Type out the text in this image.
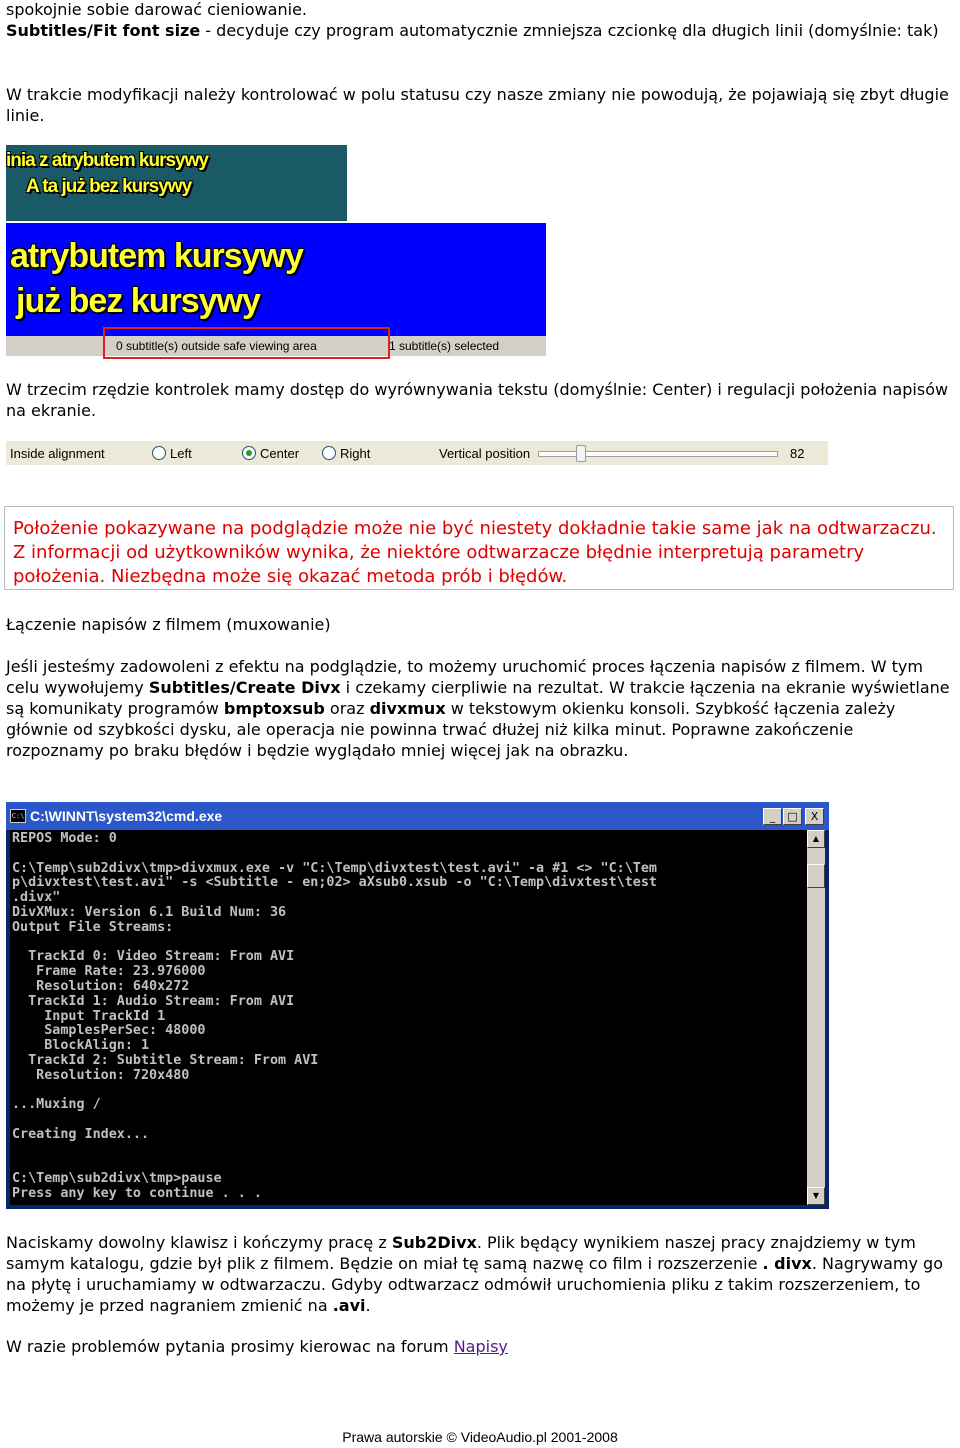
spokojnie sobie darować cieniowanie.
Subtitles/Fit font size - decyduje czy program automatycznie zmniejsza czcionkę dla długich linii (domyślnie: tak)

W trakcie modyfikacji należy kontrolować w polu statusu czy nasze zmiany nie powodują, że pojawiają się zbyt długie linie.

inia z atrybutem kursywy
A ta już bez kursywy
atrybutem kursywy
już bez kursywy
0 subtitle(s) outside safe viewing area	1 subtitle(s) selected

W trzecim rzędzie kontrolek mamy dostęp do wyrównywania tekstu (domyślnie: Center) i regulacji położenia napisów na ekranie.

Inside alignment	Left	Center	Right	Vertical position	82

Położenie pokazywane na podglądzie może nie być niestety dokładnie takie same jak na odtwarzaczu. Z informacji od użytkowników wynika, że niektóre odtwarzacze błędnie interpretują parametry położenia. Niezbędna może się okazać metoda prób i błędów.

Łączenie napisów z filmem (muxowanie)

Jeśli jesteśmy zadowoleni z efektu na podglądzie, to możemy uruchomić proces łączenia napisów z filmem. W tym celu wywołujemy Subtitles/Create Divx i czekamy cierpliwie na rezultat. W trakcie łączenia na ekranie wyświetlane są komunikaty programów bmptoxsub oraz divxmux w tekstowym okienku konsoli. Szybkość łączenia zależy głównie od szybkości dysku, ale operacja nie powinna trwać dłużej niż kilka minut. Poprawne zakończenie rozpoznamy po braku błędów i będzie wyglądało mniej więcej jak na obrazku.

C:\ C:\WINNT\system32\cmd.exe	_	□	X
REPOS Mode: 0

C:\Temp\sub2divx\tmp>divxmux.exe -v "C:\Temp\divxtest\test.avi" -a #1 <> "C:\Tem
p\divxtest\test.avi" -s <Subtitle - en;02> aXsub0.xsub -o "C:\Temp\divxtest\test
.divx"
DivXMux: Version 6.1 Build Num: 36
Output File Streams:

TrackId 0: Video Stream: From AVI
Frame Rate: 23.976000
Resolution: 640x272
TrackId 1: Audio Stream: From AVI
Input TrackId 1
SamplesPerSec: 48000
BlockAlign: 1
TrackId 2: Subtitle Stream: From AVI
Resolution: 720x480

...Muxing /

Creating Index...

C:\Temp\sub2divx\tmp>pause
Press any key to continue . . .
▲
▼

Naciskamy dowolny klawisz i kończymy pracę z Sub2Divx. Plik będący wynikiem naszej pracy znajdziemy w tym samym katalogu, gdzie był plik z filmem. Będzie on miał tę samą nazwę co film i rozszerzenie . divx. Nagrywamy go na płytę i uruchamiamy w odtwarzaczu. Gdyby odtwarzacz odmówił uruchomienia pliku z takim rozszerzeniem, to możemy je przed nagraniem zmienić na .avi.

W razie problemów pytania prosimy kierowac na forum Napisy

Prawa autorskie © VideoAudio.pl 2001-2008
